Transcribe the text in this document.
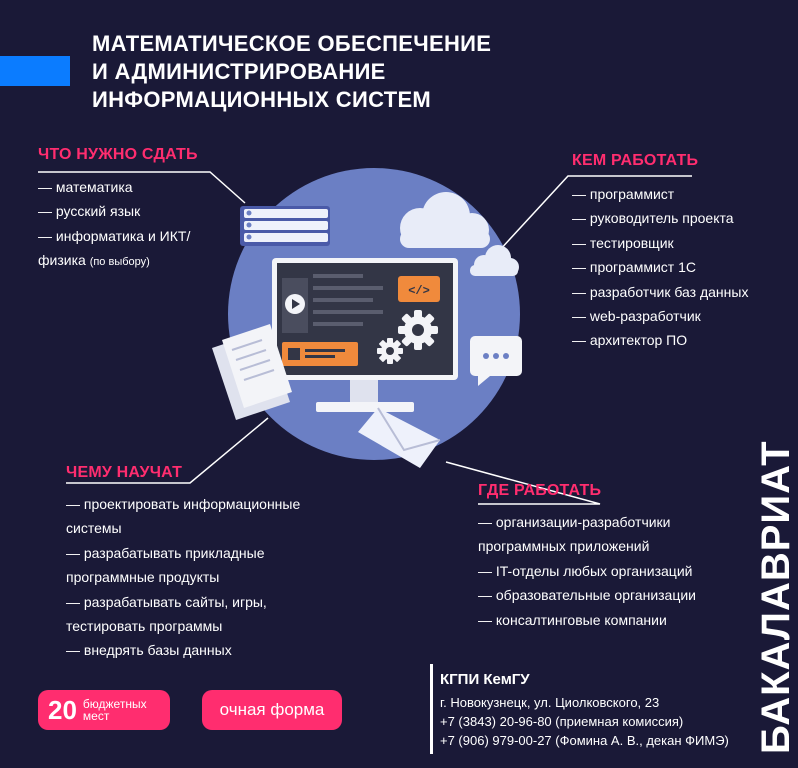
МАТЕМАТИЧЕСКОЕ ОБЕСПЕЧЕНИЕ
И АДМИНИСТРИРОВАНИЕ
ИНФОРМАЦИОННЫХ СИСТЕМ
</>
ЧТО НУЖНО СДАТЬ
— математика
— русский язык
— информатика и ИКТ/
физика (по выбору)
КЕМ РАБОТАТЬ
— программист
— руководитель проекта
— тестировщик
— программист 1С
— разработчик баз данных
— web-разработчик
— архитектор ПО
ЧЕМУ НАУЧАТ
— проектировать информационные
системы
— разрабатывать прикладные
программные продукты
— разрабатывать сайты, игры,
тестировать программы
— внедрять базы данных
ГДЕ РАБОТАТЬ
— организации-разработчики
программных приложений
— IT-отделы любых организаций
— образовательные организации
— консалтинговые компании
20 бюджетных мест	очная форма
КГПИ КемГУ
г. Новокузнецк, ул. Циолковского, 23
+7 (3843) 20-96-80 (приемная комиссия)
+7 (906) 979-00-27 (Фомина А. В., декан ФИМЭ) БАКАЛАВРИАТ
